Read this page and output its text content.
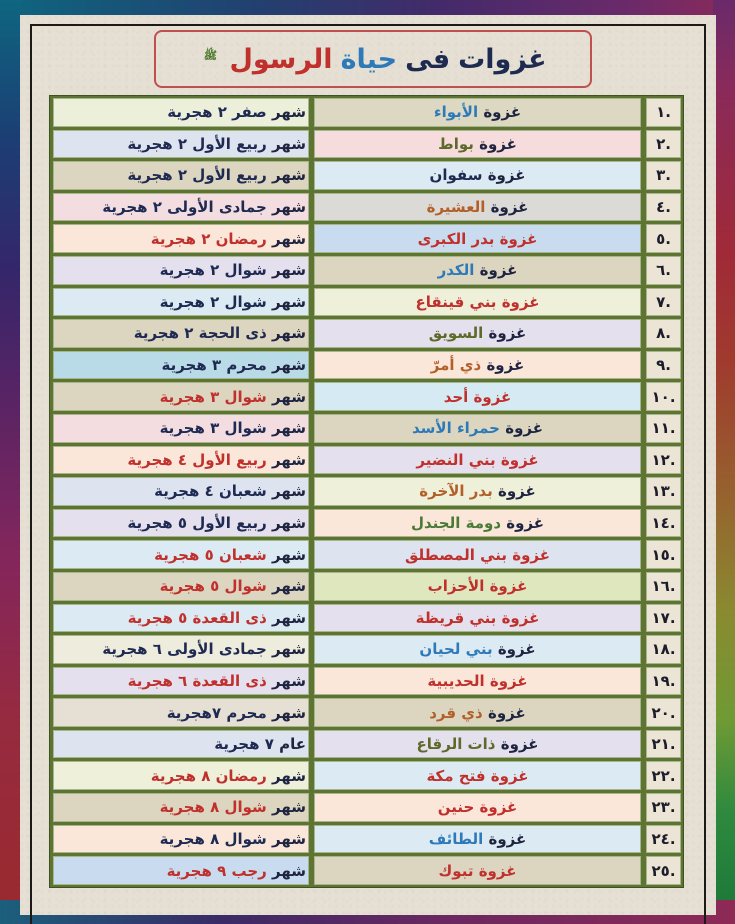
غزوات
فى
حياة
الرسول
ﷺ
.١
غزوة

الأبواء
شهر

صفر ٢ هجرية
.٢
غزوة

بواط
شهر

ربيع الأول ٢ هجرية
.٣
غزوة

سفوان
شهر

ربيع الأول ٢ هجرية
.٤
غزوة

العشيرة
شهر

جمادى الأولى ٢ هجرية
.٥
غزوة

بدر الكبرى
شهر

رمضان ٢ هجرية
.٦
غزوة

الكدر
شهر

شوال ٢ هجرية
.٧
غزوة

بني قينقاع
شهر

شوال ٢ هجرية
.٨
غزوة

السويق
شهر

ذى الحجة ٢ هجرية
.٩
غزوة

ذي أمرّ
شهر

محرم ٣ هجرية
.١٠
غزوة

أحد
شهر

شوال ٣ هجرية
.١١
غزوة

حمراء الأسد
شهر

شوال ٣ هجرية
.١٢
غزوة

بني النضير
شهر

ربيع الأول ٤ هجرية
.١٣
غزوة

بدر الآخرة
شهر

شعبان ٤ هجرية
.١٤
غزوة

دومة الجندل
شهر

ربيع الأول ٥ هجرية
.١٥
غزوة

بني المصطلق
شهر

شعبان ٥ هجرية
.١٦
غزوة

الأحزاب
شهر

شوال ٥ هجرية
.١٧
غزوة

بني قريظة
شهر

ذى القعدة ٥ هجرية
.١٨
غزوة

بني لحيان
شهر

جمادى الأولى ٦ هجرية
.١٩
غزوة

الحديبية
شهر

ذى القعدة ٦ هجرية
.٢٠
غزوة

ذي قرد
شهر

محرم ٧هجرية
.٢١
غزوة

ذات الرقاع
عام

٧ هجرية
.٢٢
غزوة

فتح مكة
شهر

رمضان ٨ هجرية
.٢٣
غزوة

حنين
شهر

شوال ٨ هجرية
.٢٤
غزوة

الطائف
شهر

شوال ٨ هجرية
.٢٥
غزوة

تبوك
شهر

رجب ٩ هجرية
